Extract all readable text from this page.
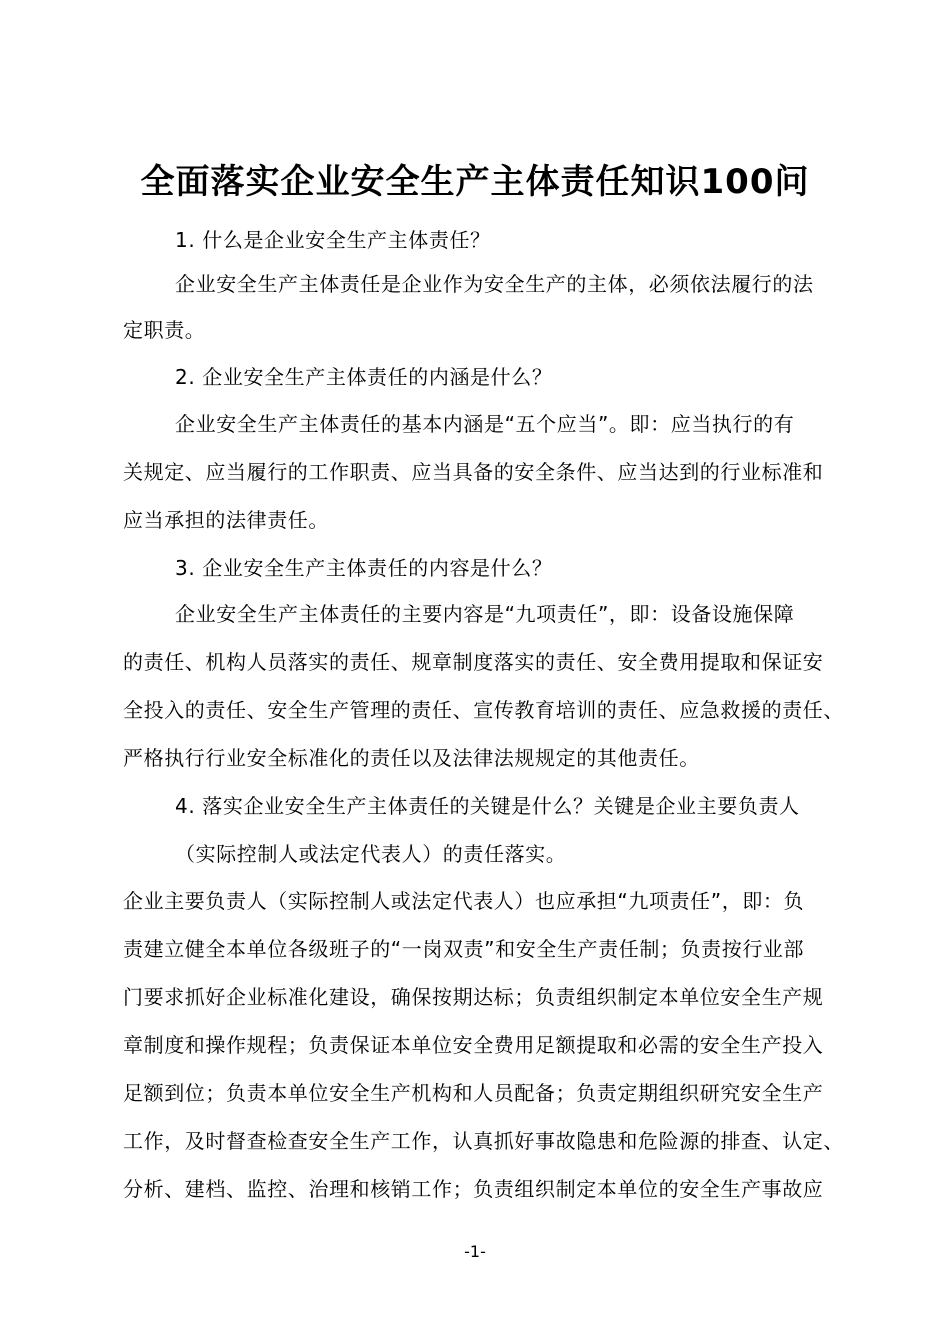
全面落实企业安全生产主体责任知识100问
1. 什么是企业安全生产主体责任？
企业安全生产主体责任是企业作为安全生产的主体，必须依法履行的法
定职责。
2. 企业安全生产主体责任的内涵是什么？
企业安全生产主体责任的基本内涵是“五个应当”。即：应当执行的有
关规定、应当履行的工作职责、应当具备的安全条件、应当达到的行业标准和
应当承担的法律责任。
3. 企业安全生产主体责任的内容是什么？
企业安全生产主体责任的主要内容是“九项责任”，即：设备设施保障
的责任、机构人员落实的责任、规章制度落实的责任、安全费用提取和保证安
全投入的责任、安全生产管理的责任、宣传教育培训的责任、应急救援的责任、
严格执行行业安全标准化的责任以及法律法规规定的其他责任。
4. 落实企业安全生产主体责任的关键是什么？关键是企业主要负责人
（实际控制人或法定代表人）的责任落实。
企业主要负责人（实际控制人或法定代表人）也应承担“九项责任”，即：负
责建立健全本单位各级班子的“一岗双责”和安全生产责任制；负责按行业部
门要求抓好企业标准化建设，确保按期达标；负责组织制定本单位安全生产规
章制度和操作规程；负责保证本单位安全费用足额提取和必需的安全生产投入
足额到位；负责本单位安全生产机构和人员配备；负责定期组织研究安全生产
工作，及时督查检查安全生产工作，认真抓好事故隐患和危险源的排查、认定、
分析、建档、监控、治理和核销工作；负责组织制定本单位的安全生产事故应
-1-
